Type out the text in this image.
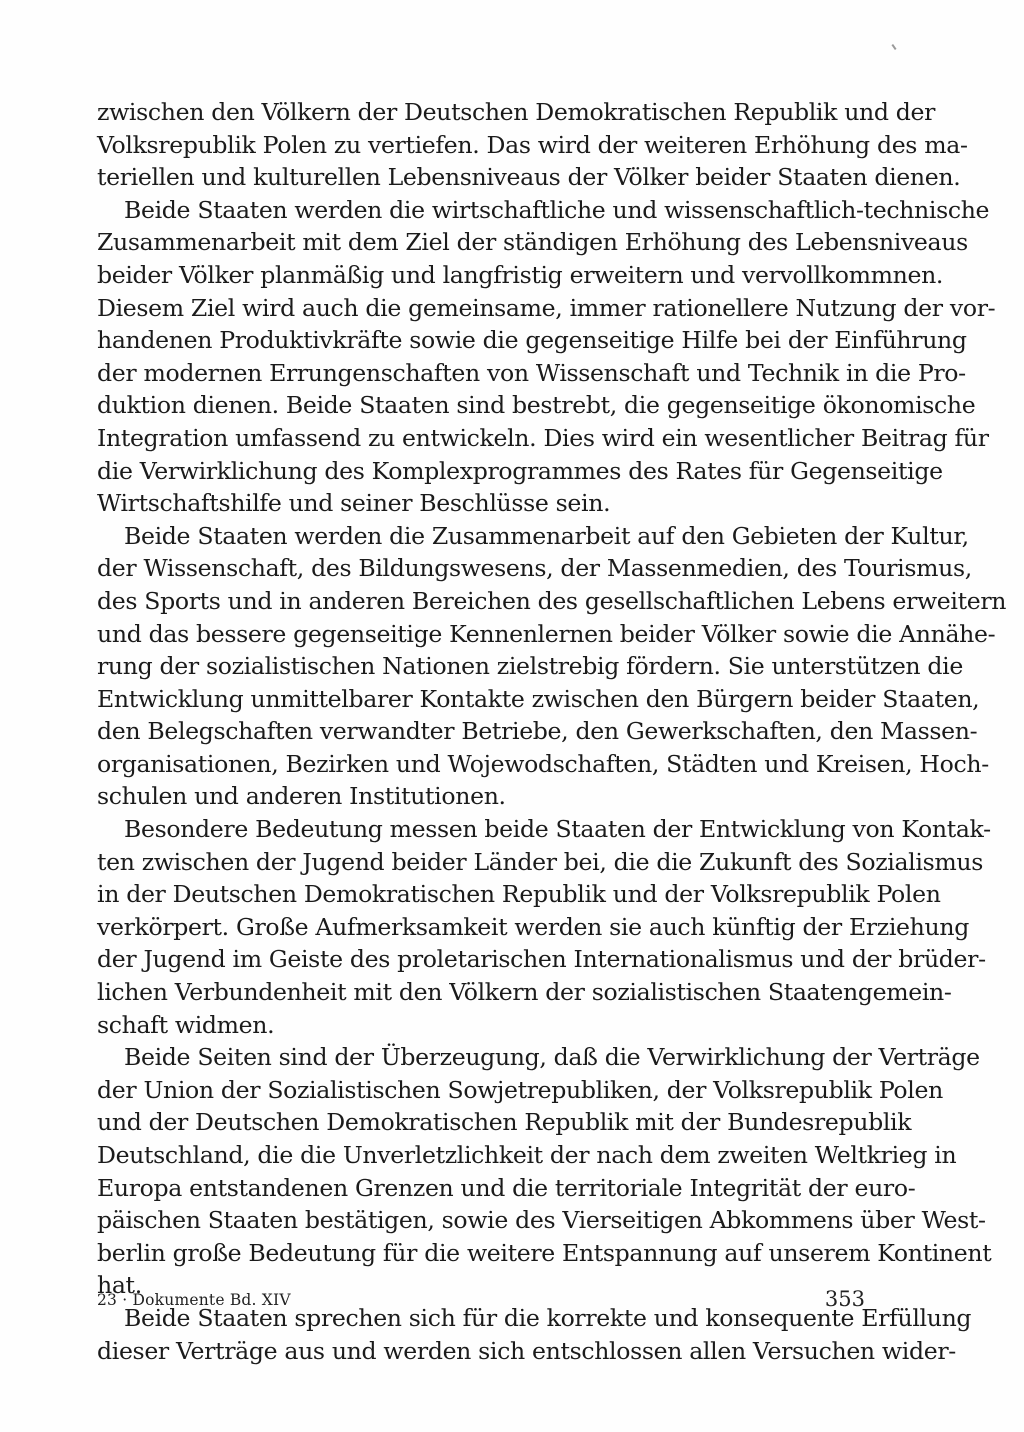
zwischen den Völkern der Deutschen Demokratischen Republik und der
Volksrepublik Polen zu vertiefen. Das wird der weiteren Erhöhung des ma-
teriellen und kulturellen Lebensniveaus der Völker beider Staaten dienen.
Beide Staaten werden die wirtschaftliche und wissenschaftlich-technische
Zusammenarbeit mit dem Ziel der ständigen Erhöhung des Lebensniveaus
beider Völker planmäßig und langfristig erweitern und vervollkommnen.
Diesem Ziel wird auch die gemeinsame, immer rationellere Nutzung der vor-
handenen Produktivkräfte sowie die gegenseitige Hilfe bei der Einführung
der modernen Errungenschaften von Wissenschaft und Technik in die Pro-
duktion dienen. Beide Staaten sind bestrebt, die gegenseitige ökonomische
Integration umfassend zu entwickeln. Dies wird ein wesentlicher Beitrag für
die Verwirklichung des Komplexprogrammes des Rates für Gegenseitige
Wirtschaftshilfe und seiner Beschlüsse sein.
Beide Staaten werden die Zusammenarbeit auf den Gebieten der Kultur,
der Wissenschaft, des Bildungswesens, der Massenmedien, des Tourismus,
des Sports und in anderen Bereichen des gesellschaftlichen Lebens erweitern
und das bessere gegenseitige Kennenlernen beider Völker sowie die Annähe-
rung der sozialistischen Nationen zielstrebig fördern. Sie unterstützen die
Entwicklung unmittelbarer Kontakte zwischen den Bürgern beider Staaten,
den Belegschaften verwandter Betriebe, den Gewerkschaften, den Massen-
organisationen, Bezirken und Wojewodschaften, Städten und Kreisen, Hoch-
schulen und anderen Institutionen.
Besondere Bedeutung messen beide Staaten der Entwicklung von Kontak-
ten zwischen der Jugend beider Länder bei, die die Zukunft des Sozialismus
in der Deutschen Demokratischen Republik und der Volksrepublik Polen
verkörpert. Große Aufmerksamkeit werden sie auch künftig der Erziehung
der Jugend im Geiste des proletarischen Internationalismus und der brüder-
lichen Verbundenheit mit den Völkern der sozialistischen Staatengemein-
schaft widmen.
Beide Seiten sind der Überzeugung, daß die Verwirklichung der Verträge
der Union der Sozialistischen Sowjetrepubliken, der Volksrepublik Polen
und der Deutschen Demokratischen Republik mit der Bundesrepublik
Deutschland, die die Unverletzlichkeit der nach dem zweiten Weltkrieg in
Europa entstandenen Grenzen und die territoriale Integrität der euro-
päischen Staaten bestätigen, sowie des Vierseitigen Abkommens über West-
berlin große Bedeutung für die weitere Entspannung auf unserem Kontinent
hat.
Beide Staaten sprechen sich für die korrekte und konsequente Erfüllung
dieser Verträge aus und werden sich entschlossen allen Versuchen wider-
23 · Dokumente Bd. XIV	353
